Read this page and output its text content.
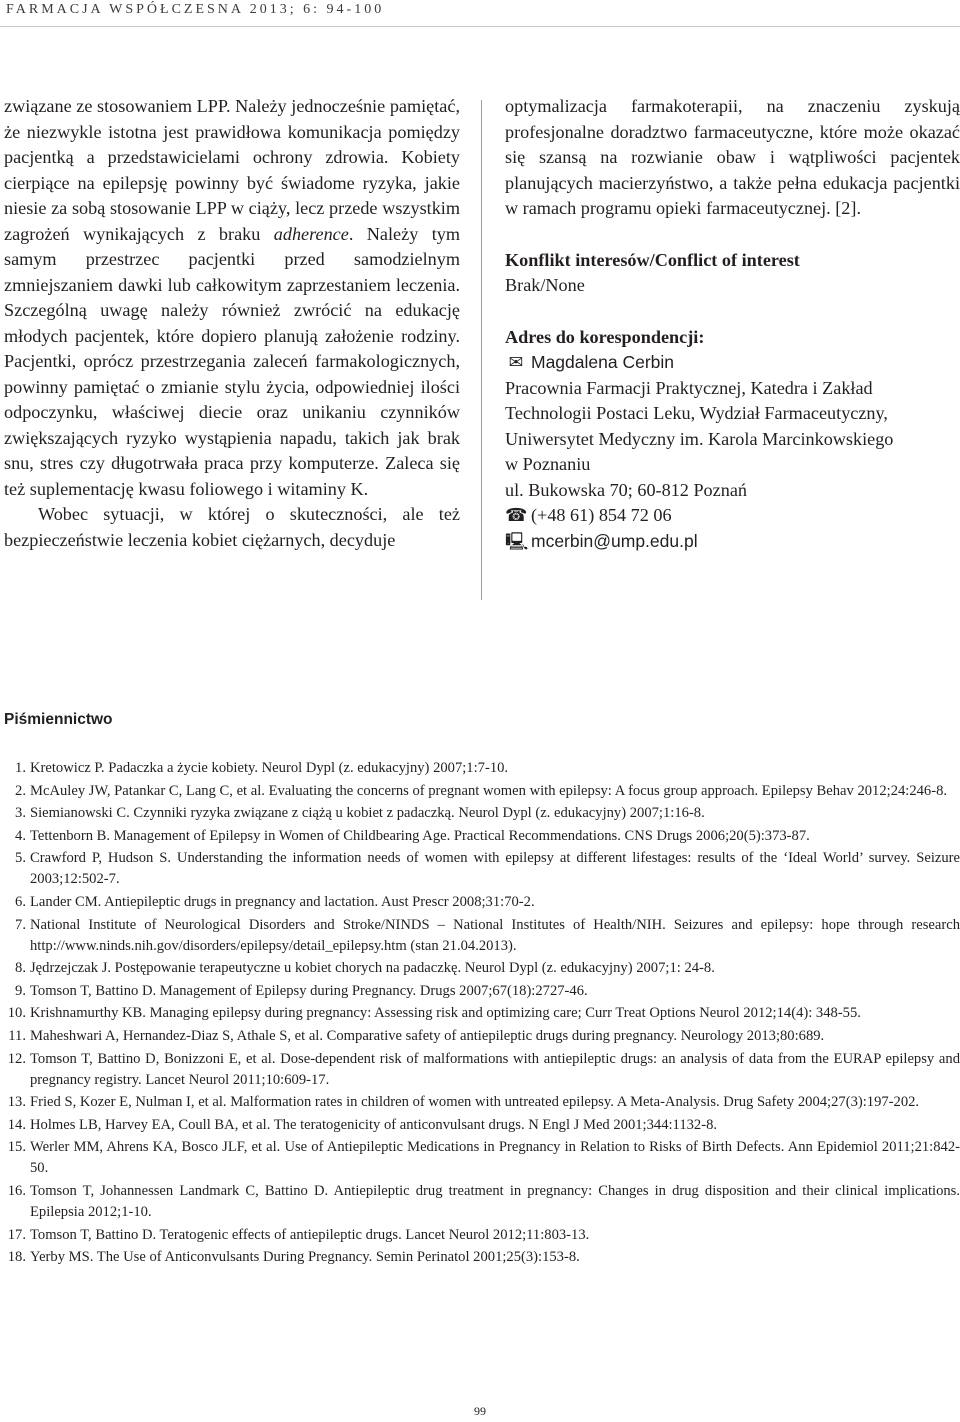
FARMACJA WSPÓŁCZESNA 2013; 6: 94-100

związane ze stosowaniem LPP. Należy jednocześnie pamiętać, że niezwykle istotna jest prawidłowa komunikacja pomiędzy pacjentką a przedstawicielami ochrony zdrowia. Kobiety cierpiące na epilepsję powinny być świadome ryzyka, jakie niesie za sobą stosowanie LPP w ciąży, lecz przede wszystkim zagrożeń wynikających z braku adherence. Należy tym samym przestrzec pacjentki przed samodzielnym zmniejszaniem dawki lub całkowitym zaprzestaniem leczenia. Szczególną uwagę należy również zwrócić na edukację młodych pacjentek, które dopiero planują założenie rodziny. Pacjentki, oprócz przestrzegania zaleceń farmakologicznych, powinny pamiętać o zmianie stylu życia, odpowiedniej ilości odpoczynku, właściwej diecie oraz unikaniu czynników zwiększających ryzyko wystąpienia napadu, takich jak brak snu, stres czy długotrwała praca przy komputerze. Zaleca się też suplementację kwasu foliowego i witaminy K.

Wobec sytuacji, w której o skuteczności, ale też bezpieczeństwie leczenia kobiet ciężarnych, decyduje

optymalizacja farmakoterapii, na znaczeniu zyskują profesjonalne doradztwo farmaceutyczne, które może okazać się szansą na rozwianie obaw i wątpliwości pacjentek planujących macierzyństwo, a także pełna edukacja pacjentki w ramach programu opieki farmaceutycznej. [2].

Konflikt interesów/Conflict of interest

Brak/None

Adres do korespondencji:

✉ Magdalena Cerbin

Pracownia Farmacji Praktycznej, Katedra i Zakład

Technologii Postaci Leku, Wydział Farmaceutyczny,

Uniwersytet Medyczny im. Karola Marcinkowskiego

w Poznaniu

ul. Bukowska 70; 60-812 Poznań

☎ (+48 61) 854 72 06

🖳 mcerbin@ump.edu.pl

Piśmiennictwo
1. Kretowicz P. Padaczka a życie kobiety. Neurol Dypl (z. edukacyjny) 2007;1:7-10.
2. McAuley JW, Patankar C, Lang C, et al. Evaluating the concerns of pregnant women with epilepsy: A focus group approach. Epilepsy Behav 2012;24:246-8.
3. Siemianowski C. Czynniki ryzyka związane z ciążą u kobiet z padaczką. Neurol Dypl (z. edukacyjny) 2007;1:16-8.
4. Tettenborn B. Management of Epilepsy in Women of Childbearing Age. Practical Recommendations. CNS Drugs 2006;20(5):373-87.
5. Crawford P, Hudson S. Understanding the information needs of women with epilepsy at different lifestages: results of the ‘Ideal World’ survey. Seizure 2003;12:502-7.
6. Lander CM. Antiepileptic drugs in pregnancy and lactation. Aust Prescr 2008;31:70-2.
7. National Institute of Neurological Disorders and Stroke/NINDS – National Institutes of Health/NIH. Seizures and epilepsy: hope through research http://www.ninds.nih.gov/disorders/epilepsy/detail_epilepsy.htm (stan 21.04.2013).
8. Jędrzejczak J. Postępowanie terapeutyczne u kobiet chorych na padaczkę. Neurol Dypl (z. edukacyjny) 2007;1: 24-8.
9. Tomson T, Battino D. Management of Epilepsy during Pregnancy. Drugs 2007;67(18):2727-46.
10. Krishnamurthy KB. Managing epilepsy during pregnancy: Assessing risk and optimizing care; Curr Treat Options Neurol 2012;14(4): 348-55.
11. Maheshwari A, Hernandez-Diaz S, Athale S, et al. Comparative safety of antiepileptic drugs during pregnancy. Neurology 2013;80:689.
12. Tomson T, Battino D, Bonizzoni E, et al. Dose-dependent risk of malformations with antiepileptic drugs: an analysis of data from the EURAP epilepsy and pregnancy registry. Lancet Neurol 2011;10:609-17.
13. Fried S, Kozer E, Nulman I, et al. Malformation rates in children of women with untreated epilepsy. A Meta-Analysis. Drug Safety 2004;27(3):197-202.
14. Holmes LB, Harvey EA, Coull BA, et al. The teratogenicity of anticonvulsant drugs. N Engl J Med 2001;344:1132-8.
15. Werler MM, Ahrens KA, Bosco JLF, et al. Use of Antiepileptic Medications in Pregnancy in Relation to Risks of Birth Defects. Ann Epidemiol 2011;21:842-50.
16. Tomson T, Johannessen Landmark C, Battino D. Antiepileptic drug treatment in pregnancy: Changes in drug disposition and their clinical implications. Epilepsia 2012;1-10.
17. Tomson T, Battino D. Teratogenic effects of antiepileptic drugs. Lancet Neurol 2012;11:803-13.
18. Yerby MS. The Use of Anticonvulsants During Pregnancy. Semin Perinatol 2001;25(3):153-8.
99
